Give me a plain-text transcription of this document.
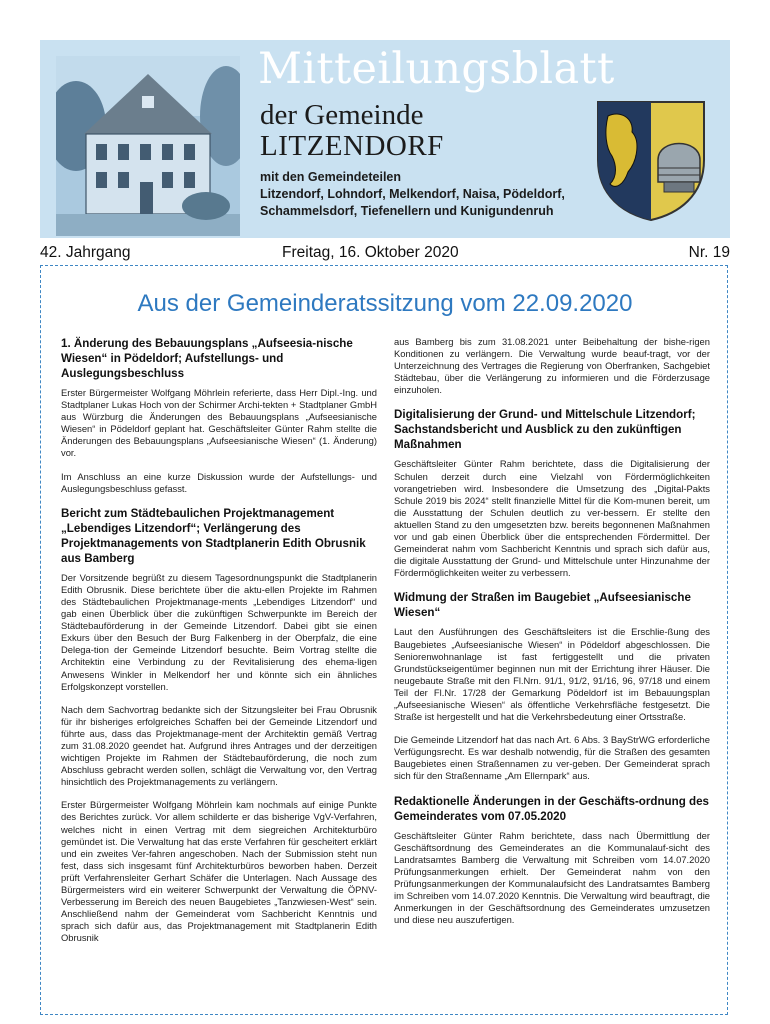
Mitteilungsblatt
der Gemeinde
LITZENDORF
mit den Gemeindeteilen
Litzendorf, Lohndorf, Melkendorf, Naisa, Pödeldorf,
Schammelsdorf, Tiefenellern und Kunigundenruh
42. Jahrgang	Freitag, 16. Oktober 2020	Nr. 19
Aus der Gemeinderatssitzung vom 22.09.2020
1. Änderung des Bebauungsplans „Aufseesia-nische Wiesen“ in Pödeldorf; Aufstellungs- und Auslegungsbeschluss

Erster Bürgermeister Wolfgang Möhrlein referierte, dass Herr Dipl.-Ing. und Stadtplaner Lukas Hoch von der Schirmer Archi-tekten + Stadtplaner GmbH aus Würzburg die Änderungen des Bebauungsplans „Aufseesianische Wiesen“ in Pödeldorf geplant hat. Geschäftsleiter Günter Rahm stellte die Änderungen des Bebauungsplans „Aufseesianische Wiesen“ (1. Änderung) vor.

Im Anschluss an eine kurze Diskussion wurde der Aufstellungs- und Auslegungsbeschluss gefasst.

Bericht zum Städtebaulichen Projektmanagement „Lebendiges Litzendorf“; Verlängerung des Projektmanagements von Stadtplanerin Edith Obrusnik aus Bamberg

Der Vorsitzende begrüßt zu diesem Tagesordnungspunkt die Stadtplanerin Edith Obrusnik. Diese berichtete über die aktu-ellen Projekte im Rahmen des Städtebaulichen Projektmanage-ments „Lebendiges Litzendorf“ und gab einen Überblick über die zukünftigen Schwerpunkte im Bereich der Städtebauförderung in der Gemeinde Litzendorf. Dabei gibt sie einen Exkurs über den Besuch der Burg Falkenberg in der Oberpfalz, die eine Delega-tion der Gemeinde Litzendorf besuchte. Beim Vortrag stellte die Architektin eine Verbindung zu der Revitalisierung des ehema-ligen Anwesens Winkler in Melkendorf her und könnte sich ein ähnliches Erfolgskonzept vorstellen.

Nach dem Sachvortrag bedankte sich der Sitzungsleiter bei Frau Obrusnik für ihr bisheriges erfolgreiches Schaffen bei der Gemeinde Litzendorf und führte aus, dass das Projektmanage-ment der Architektin gemäß Vertrag zum 31.08.2020 geendet hat. Aufgrund ihres Antrages und der derzeitigen wichtigen Projekte im Rahmen der Städtebauförderung, die noch zum Abschluss gebracht werden sollen, schlägt die Verwaltung vor, den Vertrag hinsichtlich des Projektmanagements zu verlängern.

Erster Bürgermeister Wolfgang Möhrlein kam nochmals auf einige Punkte des Berichtes zurück. Vor allem schilderte er das bisherige VgV-Verfahren, welches nicht in einen Vertrag mit dem siegreichen Architekturbüro gemündet ist. Die Verwaltung hat das erste Verfahren für gescheitert erklärt und ein zweites Ver-fahren angeschoben. Nach der Submission steht nun fest, dass sich insgesamt fünf Architekturbüros beworben haben. Derzeit prüft Verfahrensleiter Gerhart Schäfer die Unterlagen. Nach Aussage des Bürgermeisters wird ein weiterer Schwerpunkt der Verwaltung die ÖPNV-Verbesserung im Bereich des neuen Baugebietes „Tanzwiesen-West“ sein. Anschließend nahm der Gemeinderat vom Sachbericht Kenntnis und sprach sich dafür aus, das Projektmanagement mit Stadtplanerin Edith Obrusnik

aus Bamberg bis zum 31.08.2021 unter Beibehaltung der bishe-rigen Konditionen zu verlängern. Die Verwaltung wurde beauf-tragt, vor der Unterzeichnung des Vertrages die Regierung von Oberfranken, Sachgebiet Städtebau, über die Verlängerung zu informieren und die Förderzusage einzuholen.

Digitalisierung der Grund- und Mittelschule Litzendorf; Sachstandsbericht und Ausblick zu den zukünftigen Maßnahmen

Geschäftsleiter Günter Rahm berichtete, dass die Digitalisierung der Schulen derzeit durch eine Vielzahl von Fördermöglichkeiten vorangetrieben wird. Insbesondere die Umsetzung des „Digital-Pakts Schule 2019 bis 2024“ stellt finanzielle Mittel für die Kom-munen bereit, um die Ausstattung der Schulen deutlich zu ver-bessern. Er stellte den aktuellen Stand zu den umgesetzten bzw. bereits begonnenen Maßnahmen vor und gab einen Überblick über die entsprechenden Fördermittel. Der Gemeinderat nahm vom Sachbericht Kenntnis und sprach sich dafür aus, die digitale Ausstattung der Grund- und Mittelschule unter Hinzunahme der Fördermöglichkeiten weiter zu verbessern.

Widmung der Straßen im Baugebiet „Aufseesianische Wiesen“

Laut den Ausführungen des Geschäftsleiters ist die Erschlie-ßung des Baugebietes „Aufseesianische Wiesen“ in Pödeldorf abgeschlossen. Die Seniorenwohnanlage ist fast fertiggestellt und die privaten Grundstückseigentümer beginnen nun mit der Errichtung ihrer Häuser. Die neugebaute Straße mit den Fl.Nrn. 91/1, 91/2, 91/16, 96, 97/18 und einem Teil der Fl.Nr. 17/28 der Gemarkung Pödeldorf ist im Bebauungsplan „Aufseesianische Wiesen“ als öffentliche Verkehrsfläche festgesetzt. Die Straße ist hergestellt und hat die Verkehrsbedeutung einer Ortsstraße.

Die Gemeinde Litzendorf hat das nach Art. 6 Abs. 3 BayStrWG erforderliche Verfügungsrecht. Es war deshalb notwendig, für die Straßen des gesamten Baugebietes einen Straßennamen zu ver-geben. Der Gemeinderat sprach sich für den Straßenname „Am Ellernpark“ aus.

Redaktionelle Änderungen in der Geschäfts-ordnung des Gemeinderates vom 07.05.2020

Geschäftsleiter Günter Rahm berichtete, dass nach Übermittlung der Geschäftsordnung des Gemeinderates an die Kommunalauf-sicht des Landratsamtes Bamberg die Verwaltung mit Schreiben vom 14.07.2020 Prüfungsanmerkungen erhielt. Der Gemeinderat nahm von den Prüfungsanmerkungen der Kommunalaufsicht des Landratsamtes Bamberg im Schreiben vom 14.07.2020 Kenntnis. Die Verwaltung wird beauftragt, die Anmerkungen in der Geschäftsordnung des Gemeinderates umzusetzen und diese neu auszufertigen.
